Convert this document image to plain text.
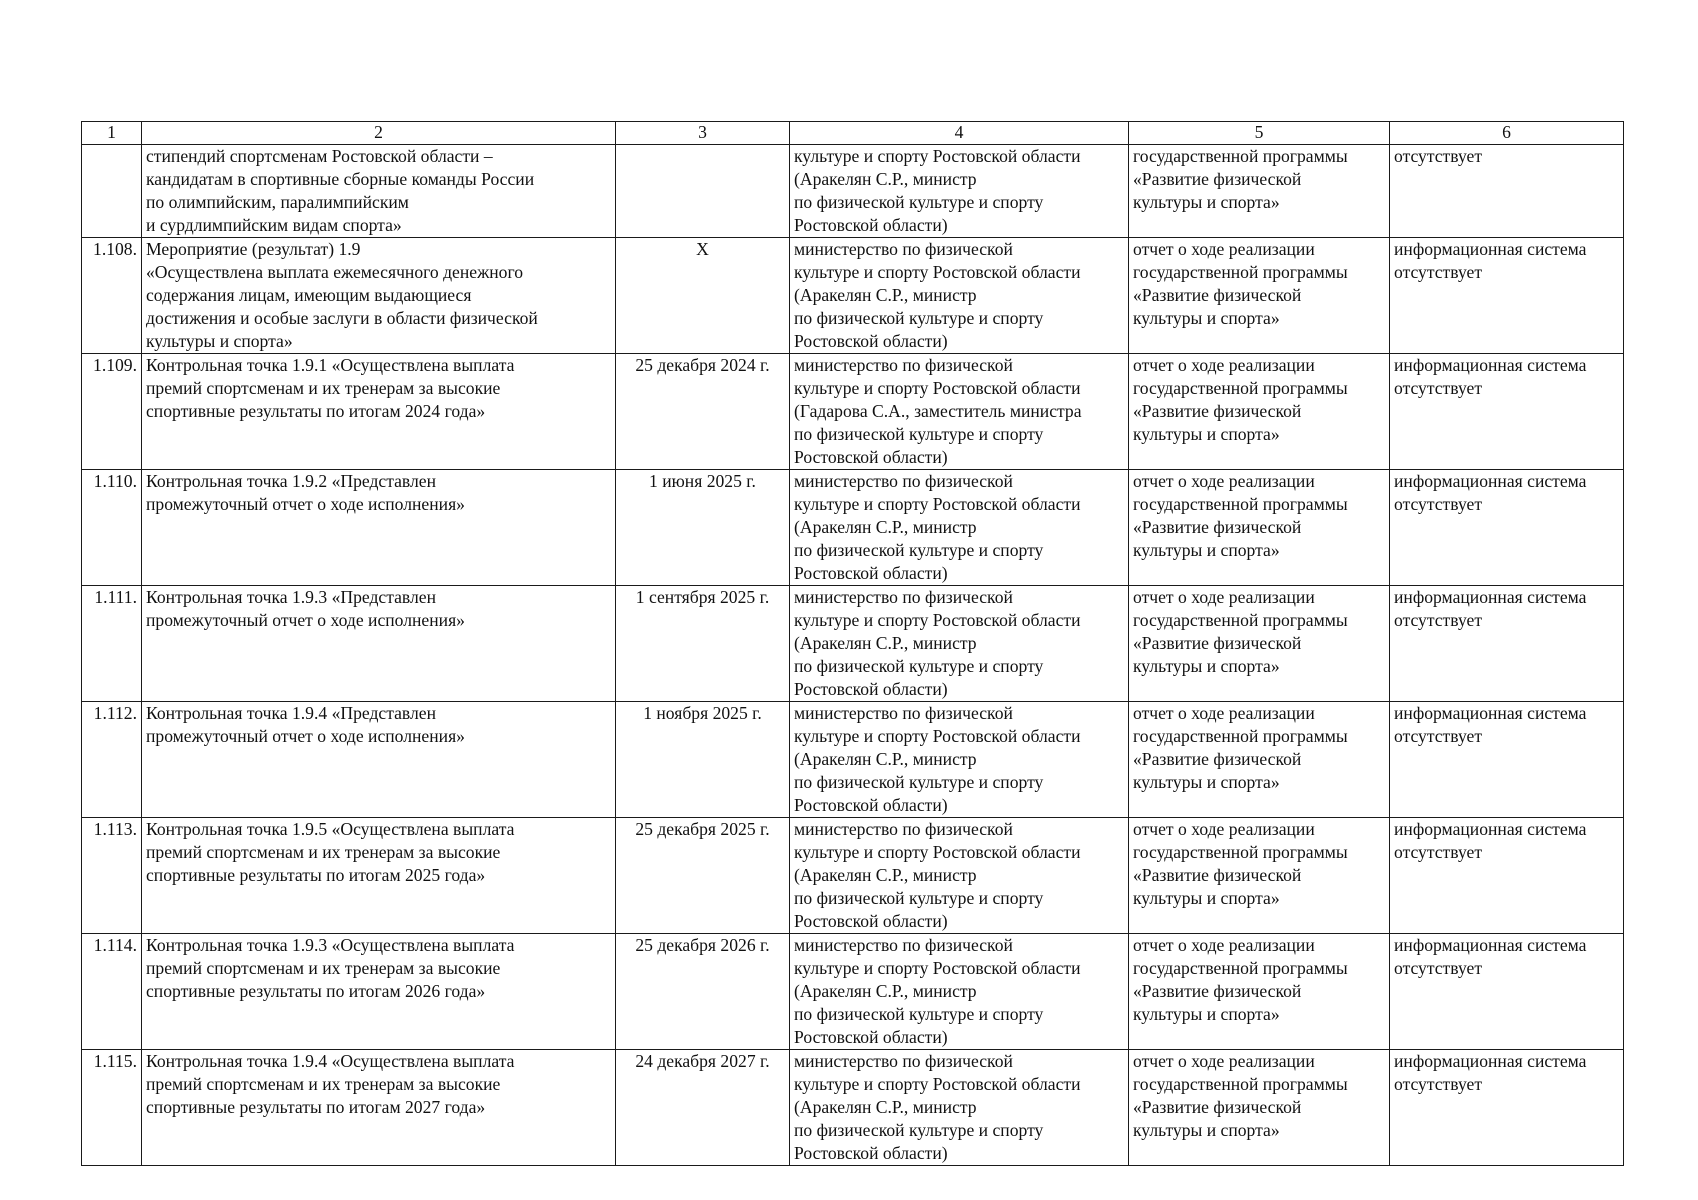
1	2	3	4	5	6
	стипендий спортсменам Ростовской области –
кандидатам в спортивные сборные команды России
по олимпийским, паралимпийским
и сурдлимпийским видам спорта»		культуре и спорту Ростовской области
(Аракелян С.Р., министр
по физической культуре и спорту
Ростовской области)	государственной программы
«Развитие физической
культуры и спорта»	отсутствует
1.108.	Мероприятие (результат) 1.9
«Осуществлена выплата ежемесячного денежного
содержания лицам, имеющим выдающиеся
достижения и особые заслуги в области физической
культуры и спорта»	Х	министерство по физической
культуре и спорту Ростовской области
(Аракелян С.Р., министр
по физической культуре и спорту
Ростовской области)	отчет о ходе реализации
государственной программы
«Развитие физической
культуры и спорта»	информационная система
отсутствует
1.109.	Контрольная точка 1.9.1 «Осуществлена выплата
премий спортсменам и их тренерам за высокие
спортивные результаты по итогам 2024 года»	25 декабря 2024 г.	министерство по физической
культуре и спорту Ростовской области
(Гадарова С.А., заместитель министра
по физической культуре и спорту
Ростовской области)	отчет о ходе реализации
государственной программы
«Развитие физической
культуры и спорта»	информационная система
отсутствует
1.110.	Контрольная точка 1.9.2 «Представлен
промежуточный отчет о ходе исполнения»	1 июня 2025 г.	министерство по физической
культуре и спорту Ростовской области
(Аракелян С.Р., министр
по физической культуре и спорту
Ростовской области)	отчет о ходе реализации
государственной программы
«Развитие физической
культуры и спорта»	информационная система
отсутствует
1.111.	Контрольная точка 1.9.3 «Представлен
промежуточный отчет о ходе исполнения»	1 сентября 2025 г.	министерство по физической
культуре и спорту Ростовской области
(Аракелян С.Р., министр
по физической культуре и спорту
Ростовской области)	отчет о ходе реализации
государственной программы
«Развитие физической
культуры и спорта»	информационная система
отсутствует
1.112.	Контрольная точка 1.9.4 «Представлен
промежуточный отчет о ходе исполнения»	1 ноября 2025 г.	министерство по физической
культуре и спорту Ростовской области
(Аракелян С.Р., министр
по физической культуре и спорту
Ростовской области)	отчет о ходе реализации
государственной программы
«Развитие физической
культуры и спорта»	информационная система
отсутствует
1.113.	Контрольная точка 1.9.5 «Осуществлена выплата
премий спортсменам и их тренерам за высокие
спортивные результаты по итогам 2025 года»	25 декабря 2025 г.	министерство по физической
культуре и спорту Ростовской области
(Аракелян С.Р., министр
по физической культуре и спорту
Ростовской области)	отчет о ходе реализации
государственной программы
«Развитие физической
культуры и спорта»	информационная система
отсутствует
1.114.	Контрольная точка 1.9.3 «Осуществлена выплата
премий спортсменам и их тренерам за высокие
спортивные результаты по итогам 2026 года»	25 декабря 2026 г.	министерство по физической
культуре и спорту Ростовской области
(Аракелян С.Р., министр
по физической культуре и спорту
Ростовской области)	отчет о ходе реализации
государственной программы
«Развитие физической
культуры и спорта»	информационная система
отсутствует
1.115.	Контрольная точка 1.9.4 «Осуществлена выплата
премий спортсменам и их тренерам за высокие
спортивные результаты по итогам 2027 года»	24 декабря 2027 г.	министерство по физической
культуре и спорту Ростовской области
(Аракелян С.Р., министр
по физической культуре и спорту
Ростовской области)	отчет о ходе реализации
государственной программы
«Развитие физической
культуры и спорта»	информационная система
отсутствует
